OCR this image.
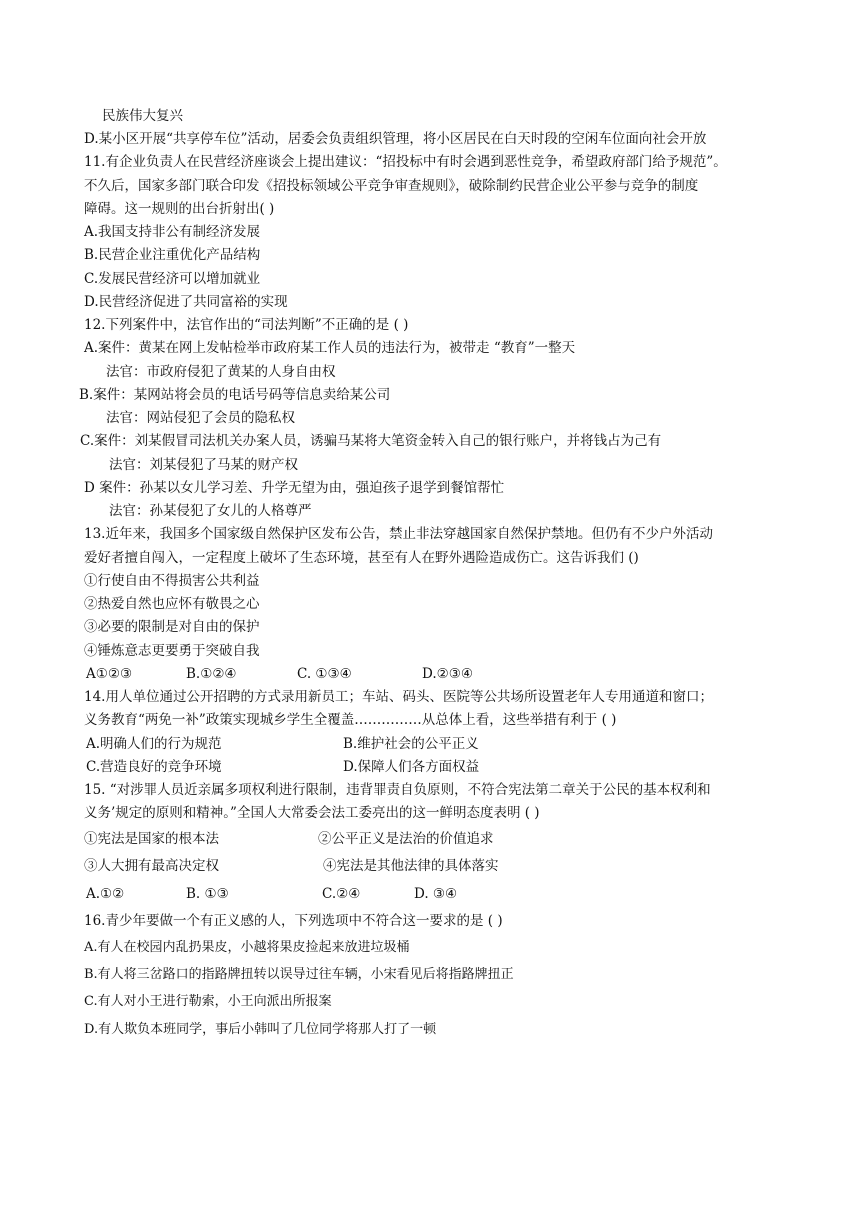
民族伟大复兴
D.某小区开展“共享停车位”活动，居委会负责组织管理，将小区居民在白天时段的空闲车位面向社会开放
11.有企业负责人在民营经济座谈会上提出建议：“招投标中有时会遇到恶性竞争，希望政府部门给予规范”。
不久后，国家多部门联合印发《招投标领域公平竞争审查规则》，破除制约民营企业公平参与竞争的制度
障碍。这一规则的出台折射出( )
A.我国支持非公有制经济发展
B.民营企业注重优化产品结构
C.发展民营经济可以增加就业
D.民营经济促进了共同富裕的实现
12.下列案件中，法官作出的“司法判断”不正确的是 ( )
A.案件：黄某在网上发帖检举市政府某工作人员的违法行为，被带走 “教育”一整天
法官：市政府侵犯了黄某的人身自由权
B.案件：某网站将会员的电话号码等信息卖给某公司
法官：网站侵犯了会员的隐私权
C.案件：刘某假冒司法机关办案人员，诱骗马某将大笔资金转入自己的银行账户，并将钱占为己有
法官：刘某侵犯了马某的财产权
D 案件：孙某以女儿学习差、升学无望为由，强迫孩子退学到餐馆帮忙
法官：孙某侵犯了女儿的人格尊严
13.近年来，我国多个国家级自然保护区发布公告，禁止非法穿越国家自然保护禁地。但仍有不少户外活动
爱好者擅自闯入，一定程度上破坏了生态环境，甚至有人在野外遇险造成伤亡。这告诉我们 ()
①行使自由不得损害公共利益
②热爱自然也应怀有敬畏之心
③必要的限制是对自由的保护
④锤炼意志更要勇于突破自我
A①②③	B.①②④	C. ①③④	D.②③④
14.用人单位通过公开招聘的方式录用新员工；车站、码头、医院等公共场所设置老年人专用通道和窗口；
义务教育“两免一补”政策实现城乡学生全覆盖……………从总体上看，这些举措有利于 ( )
A.明确人们的行为规范	B.维护社会的公平正义
C.营造良好的竞争环境	D.保障人们各方面权益
15. “对涉罪人员近亲属多项权利进行限制，违背罪责自负原则，不符合宪法第二章关于公民的基本权利和
义务’规定的原则和精神。”全国人大常委会法工委亮出的这一鲜明态度表明 ( )
①宪法是国家的根本法	②公平正义是法治的价值追求
③人大拥有最高决定权	④宪法是其他法律的具体落实
A.①②	B. ①③	C.②④	D. ③④
16.青少年要做一个有正义感的人，下列选项中不符合这一要求的是 ( )
A.有人在校园内乱扔果皮，小越将果皮捡起来放进垃圾桶
B.有人将三岔路口的指路牌扭转以误导过往车辆，小宋看见后将指路牌扭正
C.有人对小王进行勒索，小王向派出所报案
D.有人欺负本班同学，事后小韩叫了几位同学将那人打了一顿
